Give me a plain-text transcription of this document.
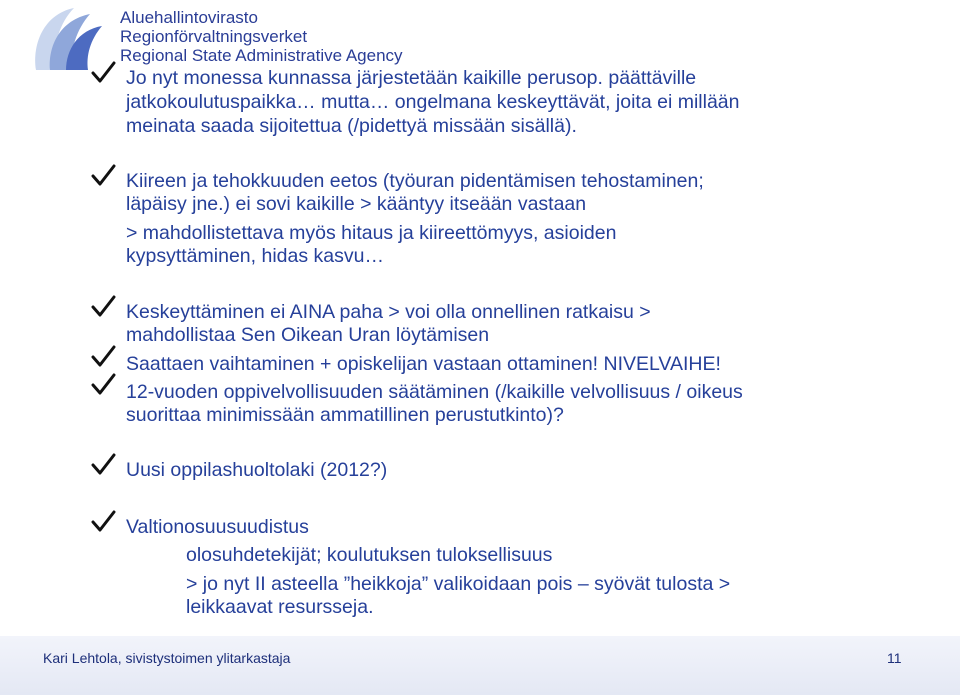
Aluehallintovirasto
Regionförvaltningsverket
Regional State Administrative Agency
Jo nyt monessa kunnassa järjestetään kaikille perusop. päättäville
jatkokoulutuspaikka… mutta… ongelmana keskeyttävät, joita ei millään
meinata saada sijoitettua (/pidettyä missään sisällä).
Kiireen ja tehokkuuden eetos (työuran pidentämisen tehostaminen;
läpäisy jne.) ei sovi kaikille > kääntyy itseään vastaan
> mahdollistettava myös hitaus ja kiireettömyys, asioiden
kypsyttäminen, hidas kasvu…
Keskeyttäminen ei AINA paha > voi olla onnellinen ratkaisu >
mahdollistaa Sen Oikean Uran löytämisen
Saattaen vaihtaminen + opiskelijan vastaan ottaminen! NIVELVAIHE!
12-vuoden oppivelvollisuuden säätäminen (/kaikille velvollisuus / oikeus
suorittaa minimissään ammatillinen perustutkinto)?
Uusi oppilashuoltolaki (2012?)
Valtionosuusuudistus
olosuhdetekijät; koulutuksen tuloksellisuus
> jo nyt II asteella ”heikkoja” valikoidaan pois – syövät tulosta >
leikkaavat resursseja.
Kari Lehtola, sivistystoimen ylitarkastaja	11
